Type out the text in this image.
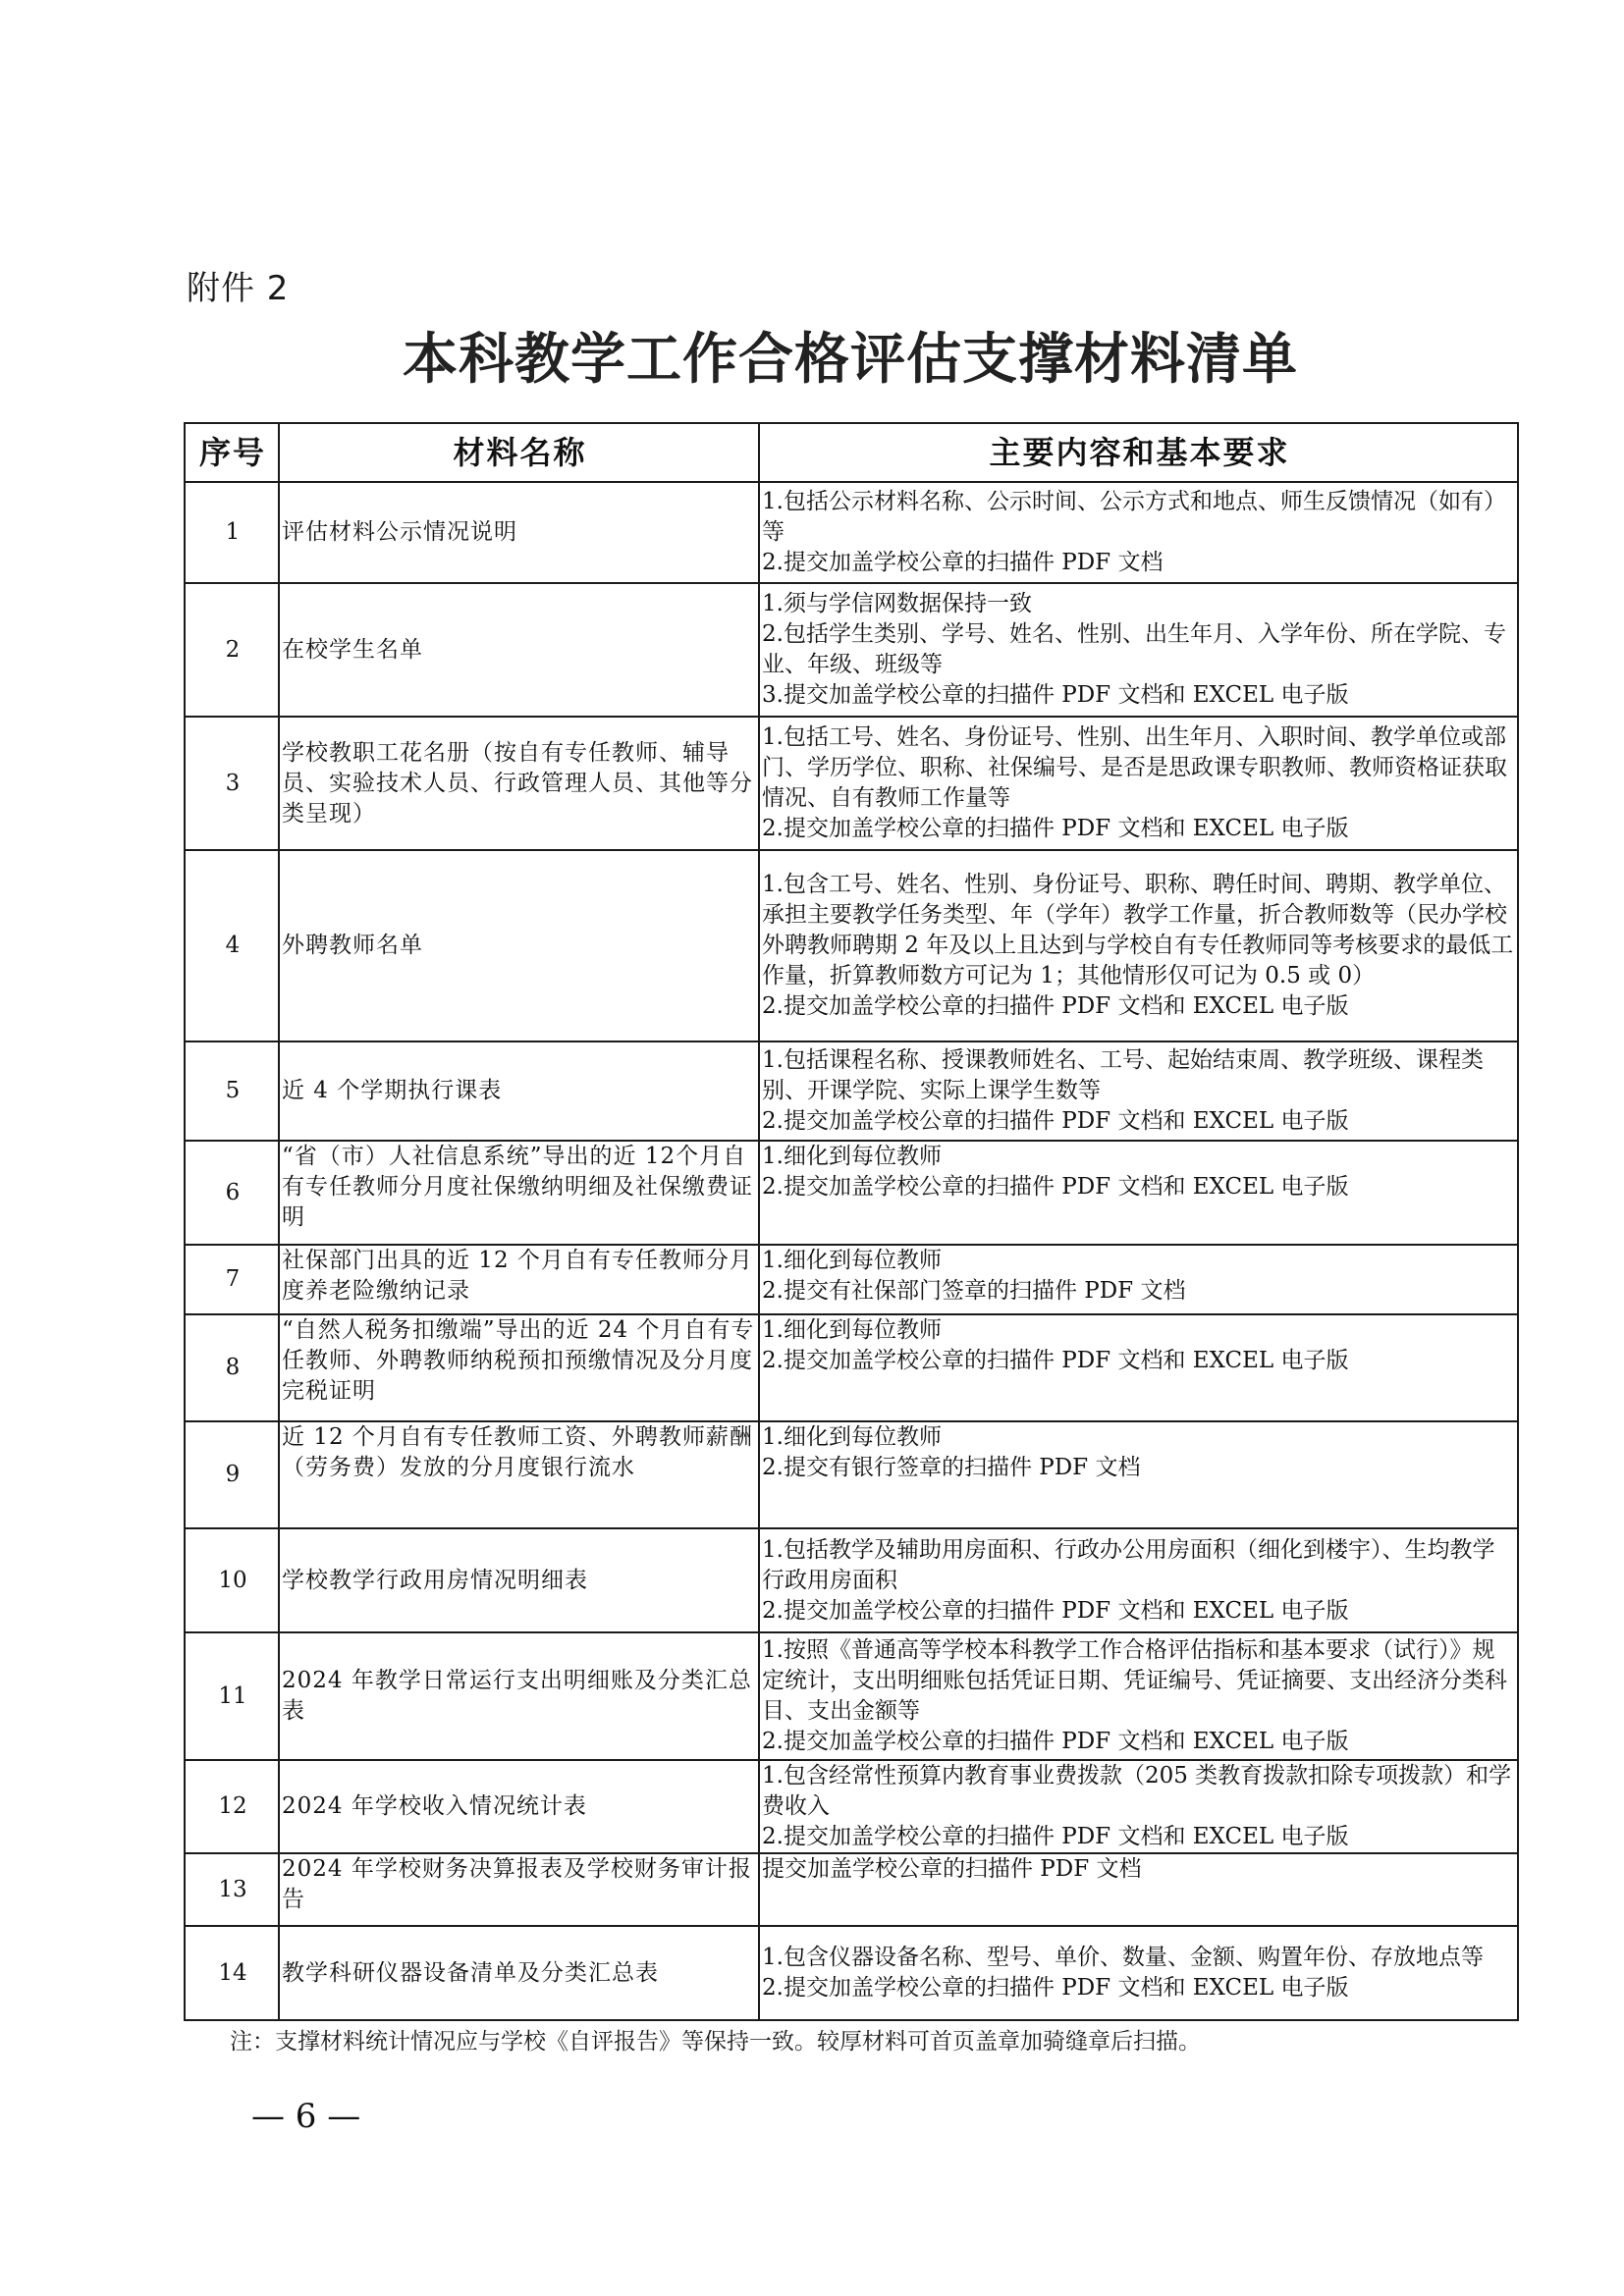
附件 2
本科教学工作合格评估支撑材料清单
序号	材料名称	主要内容和基本要求
1	评估材料公示情况说明	1.包括公示材料名称、公示时间、公示方式和地点、师生反馈情况（如有）等
2.提交加盖学校公章的扫描件 PDF 文档

2	在校学生名单	1.须与学信网数据保持一致
2.包括学生类别、学号、姓名、性别、出生年月、入学年份、所在学院、专业、年级、班级等
3.提交加盖学校公章的扫描件 PDF 文档和 EXCEL 电子版

3	学校教职工花名册（按自有专任教师、辅导员、实验技术人员、行政管理人员、其他等分类呈现）	1.包括工号、姓名、身份证号、性别、出生年月、入职时间、教学单位或部门、学历学位、职称、社保编号、是否是思政课专职教师、教师资格证获取情况、自有教师工作量等
2.提交加盖学校公章的扫描件 PDF 文档和 EXCEL 电子版

4	外聘教师名单	1.包含工号、姓名、性别、身份证号、职称、聘任时间、聘期、教学单位、承担主要教学任务类型、年（学年）教学工作量，折合教师数等（民办学校外聘教师聘期 2 年及以上且达到与学校自有专任教师同等考核要求的最低工作量，折算教师数方可记为 1；其他情形仅可记为 0.5 或 0）
2.提交加盖学校公章的扫描件 PDF 文档和 EXCEL 电子版

5	近 4 个学期执行课表	1.包括课程名称、授课教师姓名、工号、起始结束周、教学班级、课程类别、开课学院、实际上课学生数等
2.提交加盖学校公章的扫描件 PDF 文档和 EXCEL 电子版

6	“省（市）人社信息系统”导出的近 12个月自有专任教师分月度社保缴纳明细及社保缴费证明	1.细化到每位教师
2.提交加盖学校公章的扫描件 PDF 文档和 EXCEL 电子版

7	社保部门出具的近 12 个月自有专任教师分月度养老险缴纳记录	1.细化到每位教师
2.提交有社保部门签章的扫描件 PDF 文档

8	“自然人税务扣缴端”导出的近 24 个月自有专任教师、外聘教师纳税预扣预缴情况及分月度完税证明	1.细化到每位教师
2.提交加盖学校公章的扫描件 PDF 文档和 EXCEL 电子版

9	近 12 个月自有专任教师工资、外聘教师薪酬（劳务费）发放的分月度银行流水	1.细化到每位教师
2.提交有银行签章的扫描件 PDF 文档

10	学校教学行政用房情况明细表	1.包括教学及辅助用房面积、行政办公用房面积（细化到楼宇）、生均教学行政用房面积
2.提交加盖学校公章的扫描件 PDF 文档和 EXCEL 电子版

11	2024 年教学日常运行支出明细账及分类汇总表	1.按照《普通高等学校本科教学工作合格评估指标和基本要求（试行）》规定统计，支出明细账包括凭证日期、凭证编号、凭证摘要、支出经济分类科目、支出金额等
2.提交加盖学校公章的扫描件 PDF 文档和 EXCEL 电子版

12	2024 年学校收入情况统计表	1.包含经常性预算内教育事业费拨款（205 类教育拨款扣除专项拨款）和学费收入
2.提交加盖学校公章的扫描件 PDF 文档和 EXCEL 电子版

13	2024 年学校财务决算报表及学校财务审计报告	提交加盖学校公章的扫描件 PDF 文档

14	教学科研仪器设备清单及分类汇总表	1.包含仪器设备名称、型号、单价、数量、金额、购置年份、存放地点等
2.提交加盖学校公章的扫描件 PDF 文档和 EXCEL 电子版
注：支撑材料统计情况应与学校《自评报告》等保持一致。较厚材料可首页盖章加骑缝章后扫描。
— 6 —
